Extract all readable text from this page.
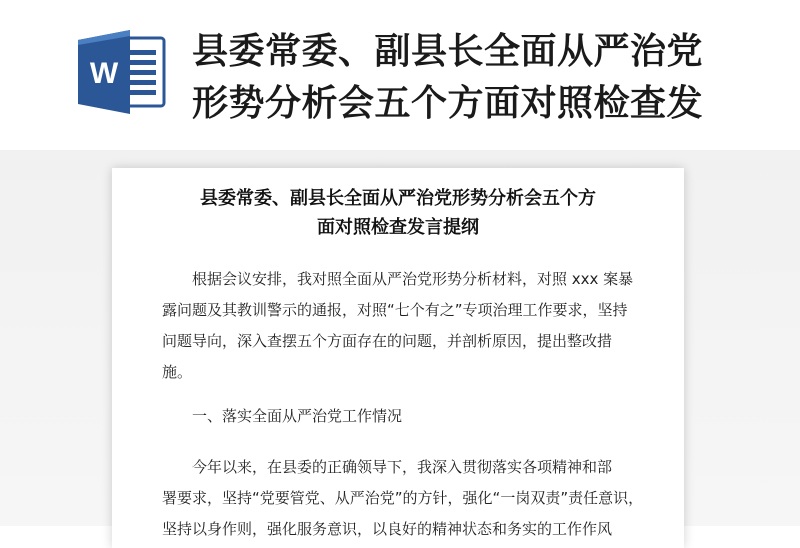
W
县委常委、副县长全面从严治党
形势分析会五个方面对照检查发
县委常委、副县长全面从严治党形势分析会五个方
面对照检查发言提纲

根据会议安排，我对照全面从严治党形势分析材料，对照 xxx 案暴
露问题及其教训警示的通报，对照“七个有之”专项治理工作要求，坚持
问题导向，深入查摆五个方面存在的问题，并剖析原因，提出整改措
施。

一、落实全面从严治党工作情况

今年以来，在县委的正确领导下，我深入贯彻落实各项精神和部
署要求，坚持“党要管党、从严治党”的方针，强化“一岗双责”责任意识，
坚持以身作则，强化服务意识，以良好的精神状态和务实的工作作风
